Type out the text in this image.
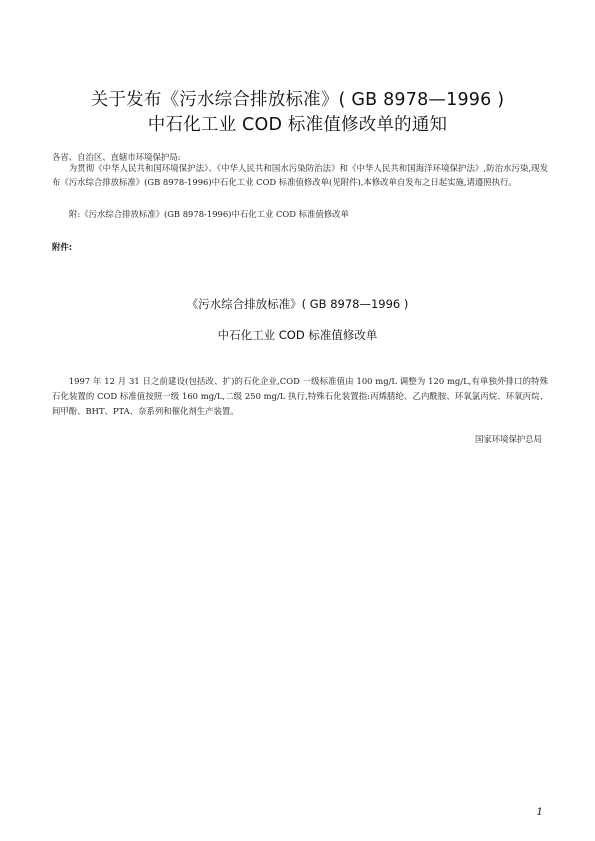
关于发布《污水综合排放标准》( GB 8978—1996 )
中石化工业 COD 标准值修改单的通知
各省、自治区、直辖市环境保护局:
为贯彻《中华人民共和国环境保护法》、《中华人民共和国水污染防治法》和《中华人民共和国海洋环境保护法》,防治水污染,现发布《污水综合排放标准》(GB 8978-1996)中石化工业 COD 标准值修改单(见附件),本修改单自发布之日起实施,请遵照执行。
附:《污水综合排放标准》(GB 8978-1996)中石化工业 COD 标准值修改单
附件:
《污水综合排放标准》( GB 8978—1996 )
中石化工业 COD 标准值修改单
1997 年 12 月 31 日之前建设(包括改、扩)的石化企业,COD 一级标准值由 100 mg/L 调整为 120 mg/L,有单独外排口的特殊石化装置的 COD 标准值按照一级 160 mg/L,二级 250 mg/L 执行,特殊石化装置指:丙烯腈纶、乙内酰胺、环氧氯丙烷、环氧丙烷、间甲酚、BHT、PTA、奈系列和催化剂生产装置。
国家环境保护总局
1
